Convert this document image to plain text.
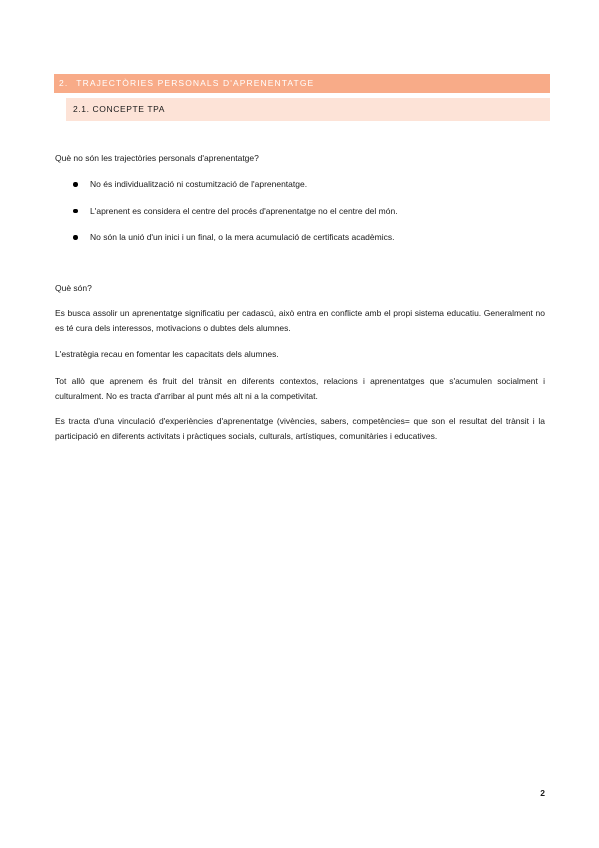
2. TRAJECTÒRIES PERSONALS D'APRENENTATGE
2.1. CONCEPTE TPA
Què no són les trajectòries personals d'aprenentatge?
No és individualització ni costumització de l'aprenentatge.
L'aprenent es considera el centre del procés d'aprenentatge no el centre del món.
No són la unió d'un inici i un final, o la mera acumulació de certificats acadèmics.
Què són?
Es busca assolir un aprenentatge significatiu per cadascú, això entra en conflicte amb el propi sistema educatiu. Generalment no es té cura dels interessos, motivacions o dubtes dels alumnes.
L'estratègia recau en fomentar les capacitats dels alumnes.
Tot allò que aprenem és fruit del trànsit en diferents contextos, relacions i aprenentatges que s'acumulen socialment i culturalment. No es tracta d'arribar al punt més alt ni a la competivitat.
Es tracta d'una vinculació d'experiències d'aprenentatge (vivències, sabers, competències= que son el resultat del trànsit i la participació en diferents activitats i pràctiques socials, culturals, artístiques, comunitàries i educatives.
2
